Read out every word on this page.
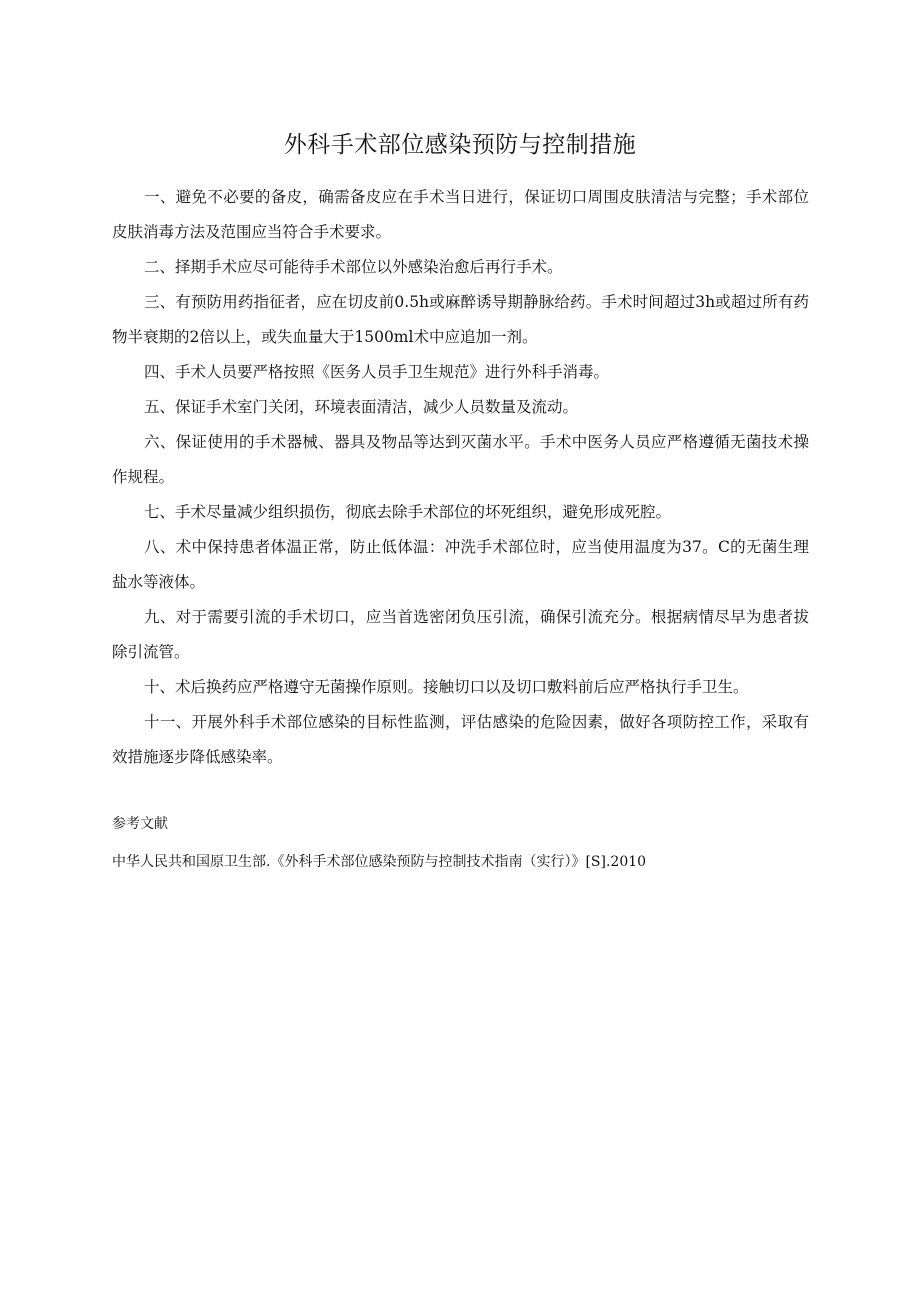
外科手术部位感染预防与控制措施

一、避免不必要的备皮，确需备皮应在手术当日进行，保证切口周围皮肤清洁与完整；手术部位皮肤消毒方法及范围应当符合手术要求。

二、择期手术应尽可能待手术部位以外感染治愈后再行手术。

三、有预防用药指征者，应在切皮前0.5h或麻醉诱导期静脉给药。手术时间超过3h或超过所有药物半衰期的2倍以上，或失血量大于1500ml术中应追加一剂。

四、手术人员要严格按照《医务人员手卫生规范》进行外科手消毒。

五、保证手术室门关闭，环境表面清洁，减少人员数量及流动。

六、保证使用的手术器械、器具及物品等达到灭菌水平。手术中医务人员应严格遵循无菌技术操作规程。

七、手术尽量减少组织损伤，彻底去除手术部位的坏死组织，避免形成死腔。

八、术中保持患者体温正常，防止低体温：冲洗手术部位时，应当使用温度为37。C的无菌生理盐水等液体。

九、对于需要引流的手术切口，应当首选密闭负压引流，确保引流充分。根据病情尽早为患者拔除引流管。

十、术后换药应严格遵守无菌操作原则。接触切口以及切口敷料前后应严格执行手卫生。

十一、开展外科手术部位感染的目标性监测，评估感染的危险因素，做好各项防控工作，采取有效措施逐步降低感染率。

参考文献

中华人民共和国原卫生部.《外科手术部位感染预防与控制技术指南（实行）》[S].2010
